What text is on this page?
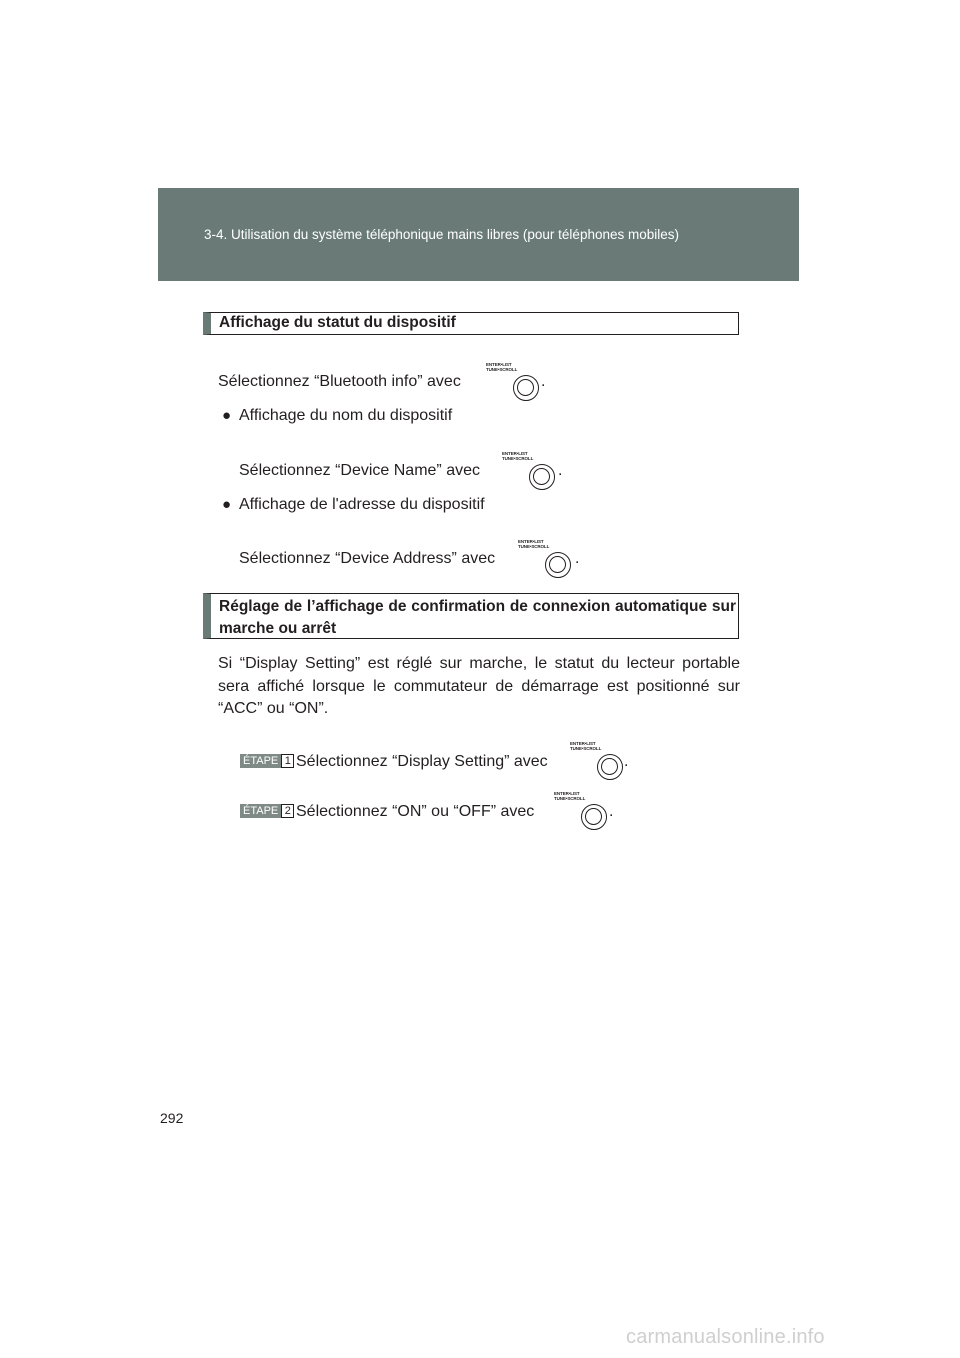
3-4. Utilisation du système téléphonique mains libres (pour téléphones mobiles)
Affichage du statut du dispositif
Sélectionnez “Bluetooth info” avec
ENTER•LIST
TUNE•SCROLL
.
● Affichage du nom du dispositif
Sélectionnez “Device Name” avec
ENTER•LIST
TUNE•SCROLL
.
● Affichage de l'adresse du dispositif
Sélectionnez “Device Address” avec
ENTER•LIST
TUNE•SCROLL
.
Réglage de l’affichage de confirmation de connexion automatique sur marche ou arrêt
Si “Display Setting” est réglé sur marche, le statut du lecteur portable sera affiché lorsque le commutateur de démarrage est positionné sur “ACC” ou “ON”.
ÉTAPE 1 Sélectionnez “Display Setting” avec
ENTER•LIST
TUNE•SCROLL
.
ÉTAPE 2 Sélectionnez “ON” ou “OFF” avec
ENTER•LIST
TUNE•SCROLL
.
292
carmanualsonline.info
